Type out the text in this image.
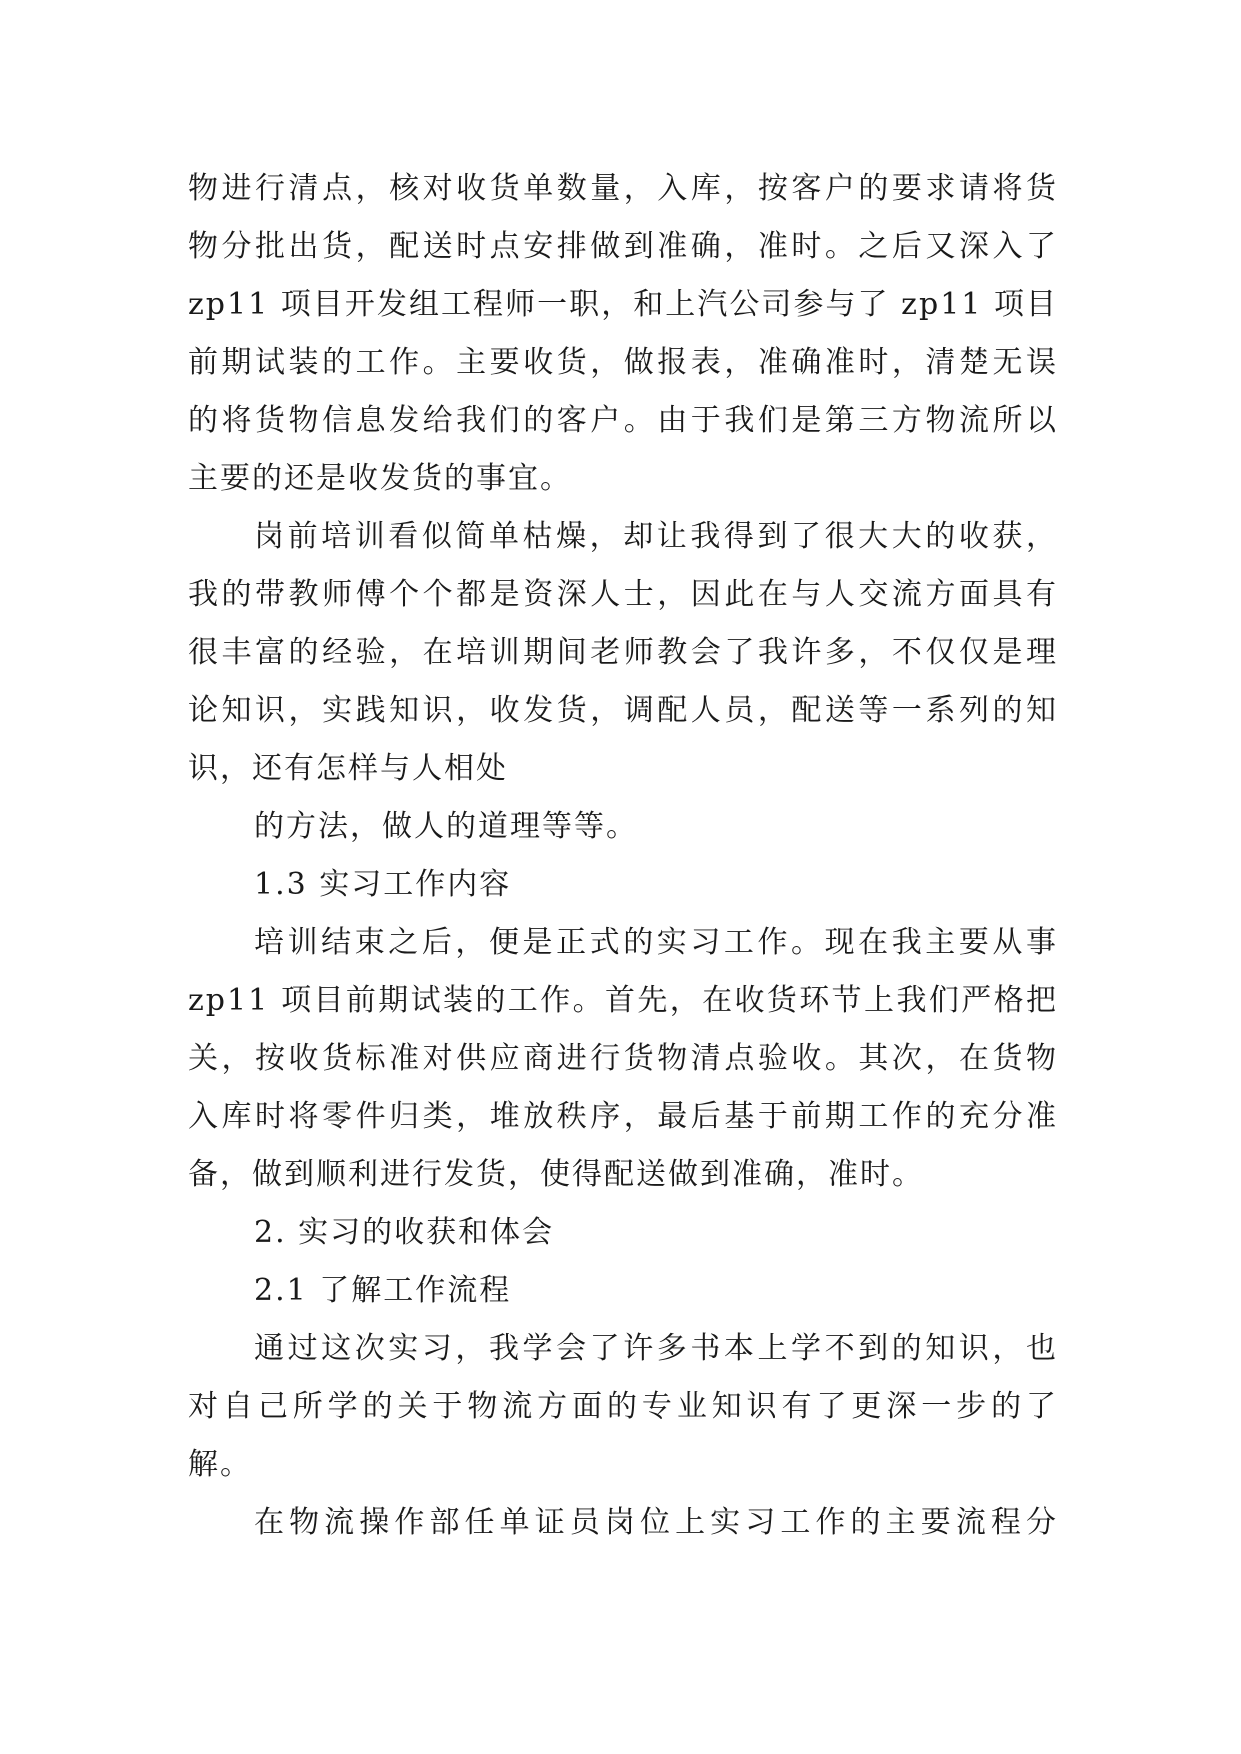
物进行清点，核对收货单数量，入库，按客户的要求请将货
物分批出货，配送时点安排做到准确，准时。之后又深入了
zp11 项目开发组工程师一职，和上汽公司参与了 zp11 项目
前期试装的工作。主要收货，做报表，准确准时，清楚无误
的将货物信息发给我们的客户。由于我们是第三方物流所以
主要的还是收发货的事宜。
岗前培训看似简单枯燥，却让我得到了很大大的收获，
我的带教师傅个个都是资深人士，因此在与人交流方面具有
很丰富的经验，在培训期间老师教会了我许多，不仅仅是理
论知识，实践知识，收发货，调配人员，配送等一系列的知
识，还有怎样与人相处
的方法，做人的道理等等。
1.3 实习工作内容
培训结束之后，便是正式的实习工作。现在我主要从事
zp11 项目前期试装的工作。首先，在收货环节上我们严格把
关，按收货标准对供应商进行货物清点验收。其次，在货物
入库时将零件归类，堆放秩序，最后基于前期工作的充分准
备，做到顺利进行发货，使得配送做到准确，准时。
2. 实习的收获和体会
2.1 了解工作流程
通过这次实习，我学会了许多书本上学不到的知识，也
对自己所学的关于物流方面的专业知识有了更深一步的了
解。
在物流操作部任单证员岗位上实习工作的主要流程分
